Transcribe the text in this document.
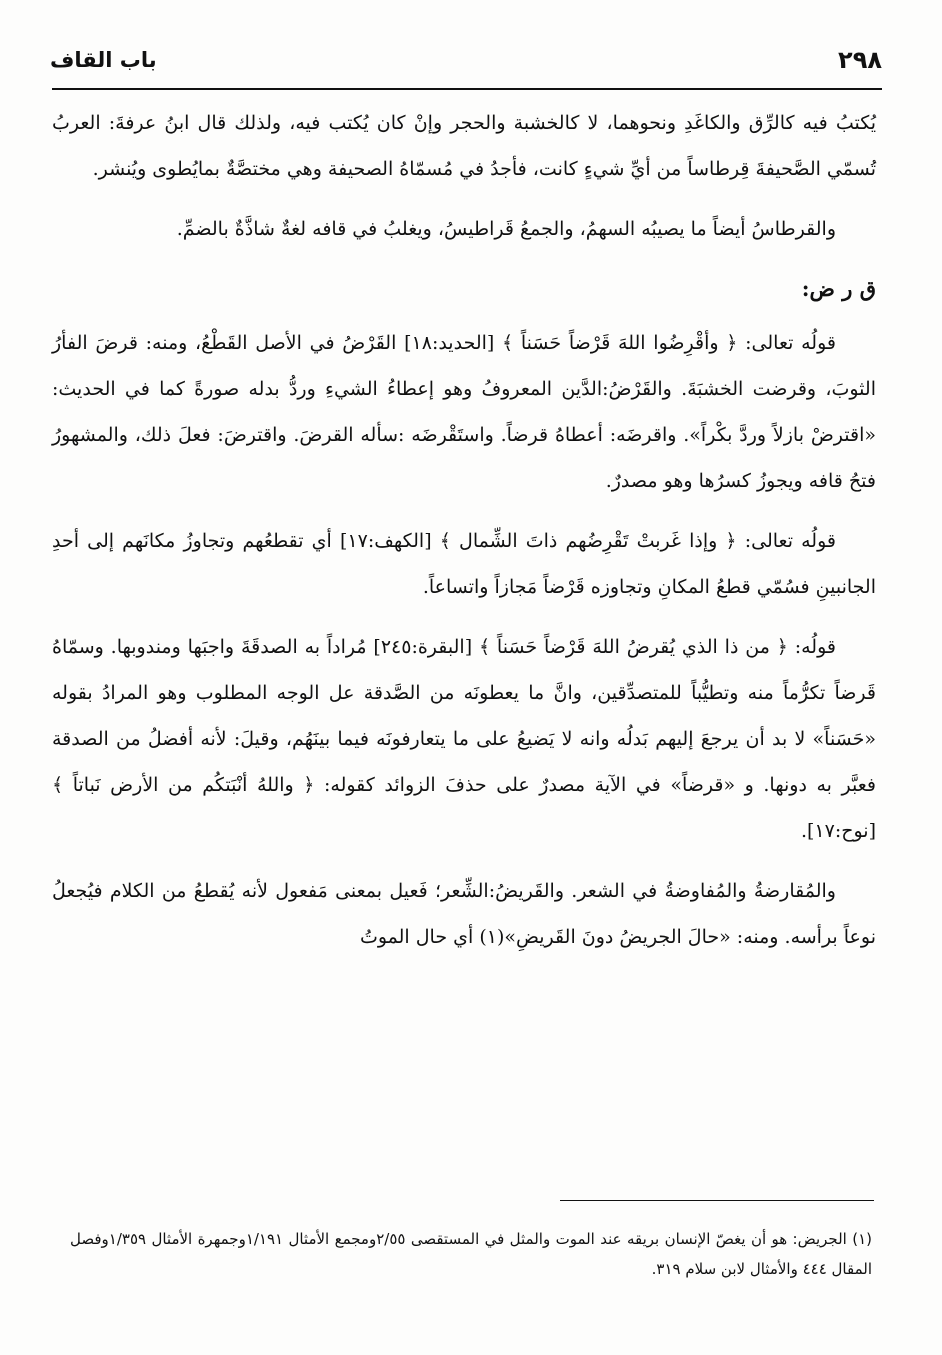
٢٩٨
باب القاف

يُكتبُ فيه كالرِّق والكاغَدِ ونحوهما، لا كالخشبة والحجر وإنْ كان يُكتب فيه، ولذلك قال ابنُ عرفةَ: العربُ تُسمّي الصَّحيفةَ قِرطاساً من أيِّ شيءٍ كانت، فأجدُ في مُسمّاهُ الصحيفة وهي مختصَّةٌ بمايُطوى ويُنشر.

والقرطاسُ أيضاً ما يصيبُه السهمُ، والجمعُ قَراطيسُ، ويغلبُ في قافه لغةٌ شاذَّةٌ بالضمِّ.

ق ر ض:

قولُه تعالى: ﴿ وأقْرِضُوا اللهَ قَرْضاً حَسَناً ﴾ [الحديد:١٨] القَرْضُ في الأصل القَطْعُ، ومنه: قرضَ الفأرُ الثوبَ، وقرضت الخشبَةَ. والقَرْضُ:الدَّين المعروفُ وهو إعطاءُ الشيءِ وردُّ بدله صورةً كما في الحديث: «اقترضْ بازلاً وردَّ بكْراً». واقرضَه: أعطاهُ قرضاً. واستَقْرضَه :سأله القرضَ. واقترضَ: فعلَ ذلك، والمشهورُ فتحُ قافه ويجوزُ كسرُها وهو مصدرٌ.

قولُه تعالى: ﴿ وإذا غَربتْ تَقْرِضُهم ذاتَ الشِّمال ﴾ [الكهف:١٧] أي تقطعُهم وتجاوزُ مكانَهم إلى أحدِ الجانبينِ فسُمّي قطعُ المكانِ وتجاوزه قَرْضاً مَجازاً واتساعاً.

قولُه: ﴿ من ذا الذي يُقرضُ اللهَ قَرْضاً حَسَناً ﴾ [البقرة:٢٤٥] مُراداً به الصدقَةَ واجبَها ومندوبها. وسمّاهُ قَرضاً تكرُّماً منه وتطيُّباً للمتصدِّقين، وانَّ ما يعطونَه من الصَّدقة عل الوجه المطلوب وهو المرادُ بقوله «حَسَناً» لا بد أن يرجعَ إليهم بَدلُه وانه لا يَضيعُ على ما يتعارفونَه فيما بينَهُم، وقيلَ: لأنه أفضلُ من الصدقة فعبَّر به دونها. و «قرضاً» في الآية مصدرٌ على حذفَ الزوائد كقوله: ﴿ واللهُ أنْبَتكُم من الأرض نَباتاً ﴾ [نوح:١٧].

والمُقارضةُ والمُفاوضةُ في الشعر. والقَريضُ:الشِّعر؛ فَعيل بمعنى مَفعول لأنه يُقطعُ من الكلام فيُجعلُ نوعاً برأسه. ومنه: «حالَ الجريضُ دونَ القَريضِ»(١) أي حال الموتُ

(١) الجريض: هو أن يغصّ الإنسان بريقه عند الموت والمثل في المستقصى ٢/٥٥ومجمع الأمثال ١/١٩١وجمهرة الأمثال ١/٣٥٩وفصل المقال ٤٤٤ والأمثال لابن سلام ٣١٩.
